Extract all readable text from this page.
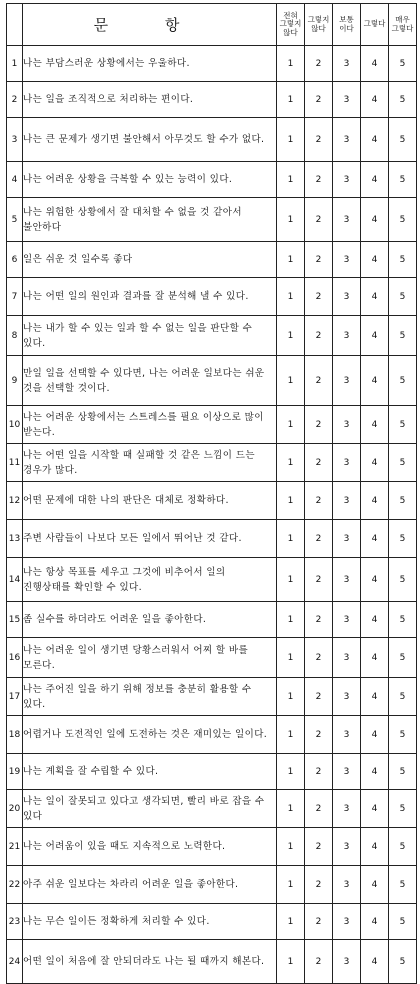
	문 항	전혀 그렇지 않다	그렇지 않다	보통 이다	그렇다	매우 그렇다
1	나는 부담스러운 상황에서는 우울하다.	1	2	3	4	5
2	나는 일을 조직적으로 처리하는 편이다.	1	2	3	4	5
3	나는 큰 문제가 생기면 불안해서 아무것도 할 수가 없다.	1	2	3	4	5
4	나는 어려운 상황을 극복할 수 있는 능력이 있다.	1	2	3	4	5
5	나는 위험한 상황에서 잘 대처할 수 없을 것 같아서 불안하다	1	2	3	4	5
6	일은 쉬운 것 일수록 좋다	1	2	3	4	5
7	나는 어떤 일의 원인과 결과를 잘 분석해 낼 수 있다.	1	2	3	4	5
8	나는 내가 할 수 있는 일과 할 수 없는 일을 판단할 수 있다.	1	2	3	4	5
9	만일 일을 선택할 수 있다면, 나는 어려운 일보다는 쉬운 것을 선택할 것이다.	1	2	3	4	5
10	나는 어려운 상황에서는 스트레스를 필요 이상으로 많이 받는다.	1	2	3	4	5
11	나는 어떤 일을 시작할 때 실패할 것 같은 느낌이 드는 경우가 많다.	1	2	3	4	5
12	어떤 문제에 대한 나의 판단은 대체로 정확하다.	1	2	3	4	5
13	주변 사람들이 나보다 모든 일에서 뛰어난 것 같다.	1	2	3	4	5
14	나는 항상 목표를 세우고 그것에 비추어서 일의 진행상태를 확인할 수 있다.	1	2	3	4	5
15	좀 실수를 하더라도 어려운 일을 좋아한다.	1	2	3	4	5
16	나는 어려운 일이 생기면 당황스러워서 어찌 할 바를 모른다.	1	2	3	4	5
17	나는 주어진 일을 하기 위해 정보를 충분히 활용할 수 있다.	1	2	3	4	5
18	어렵거나 도전적인 일에 도전하는 것은 재미있는 일이다.	1	2	3	4	5
19	나는 계획을 잘 수립할 수 있다.	1	2	3	4	5
20	나는 일이 잘못되고 있다고 생각되면, 빨리 바로 잡을 수 있다	1	2	3	4	5
21	나는 어려움이 있을 때도 지속적으로 노력한다.	1	2	3	4	5
22	아주 쉬운 일보다는 차라리 어려운 일을 좋아한다.	1	2	3	4	5
23	나는 무슨 일이든 정확하게 처리할 수 있다.	1	2	3	4	5
24	어떤 일이 처음에 잘 안되더라도 나는 될 때까지 해본다.	1	2	3	4	5
